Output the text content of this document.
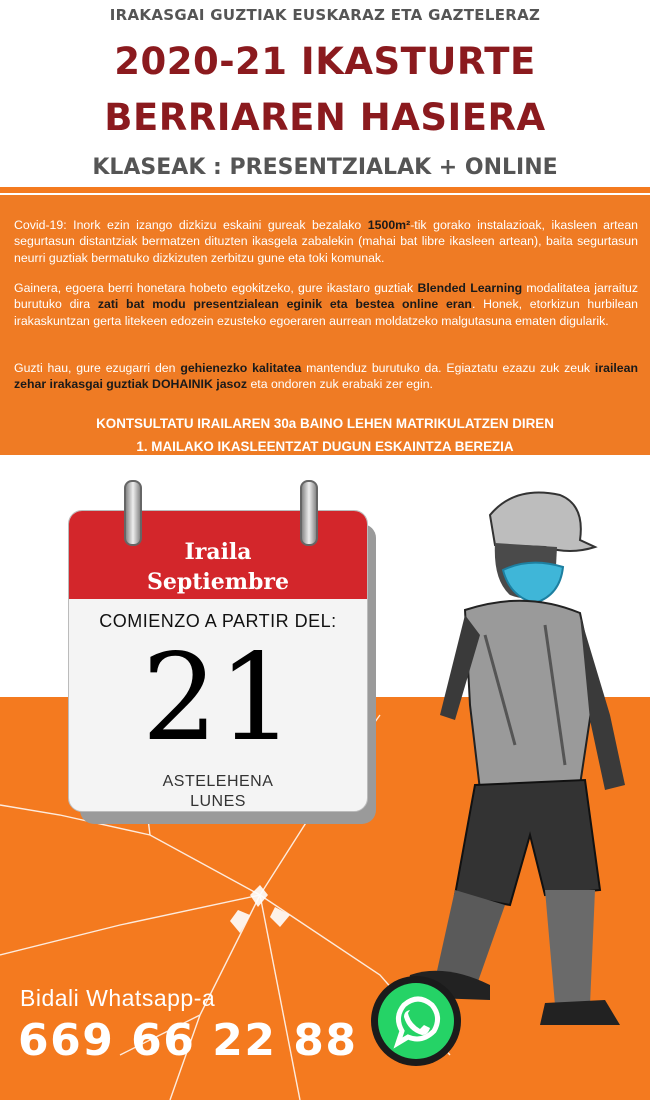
IRAKASGAI GUZTIAK EUSKARAZ ETA GAZTELERAZ
2020-21 IKASTURTE
BERRIAREN HASIERA
KLASEAK : PRESENTZIALAK + ONLINE
Covid-19: Inork ezin izango dizkizu eskaini gureak bezalako 1500m²-tik gorako instalazioak, ikasleen artean segurtasun distantziak bermatzen dituzten ikasgela zabalekin (mahai bat libre ikasleen artean), baita segurtasun neurri guztiak bermatuko dizkizuten zerbitzu gune eta toki komunak.
Gainera, egoera berri honetara hobeto egokitzeko, gure ikastaro guztiak Blended Learning modalitatea jarraituz burutuko dira zati bat modu presentzialean eginik eta bestea online eran. Honek, etorkizun hurbilean irakaskuntzan gerta litekeen edozein ezusteko egoeraren aurrean moldatzeko malgutasuna ematen digularik.
Guzti hau, gure ezugarri den gehienezko kalitatea mantenduz burutuko da. Egiaztatu ezazu zuk zeuk irailean zehar irakasgai guztiak DOHAINIK jasoz eta ondoren zuk erabaki zer egin.
KONTSULTATU IRAILAREN 30a BAINO LEHEN MATRIKULATZEN DIREN
1. MAILAKO IKASLEENTZAT DUGUN ESKAINTZA BEREZIA
Iraila
Septiembre
COMIENZO A PARTIR DEL:
21
ASTELEHENA
LUNES
Bidali Whatsapp-a
669 66 22 88
